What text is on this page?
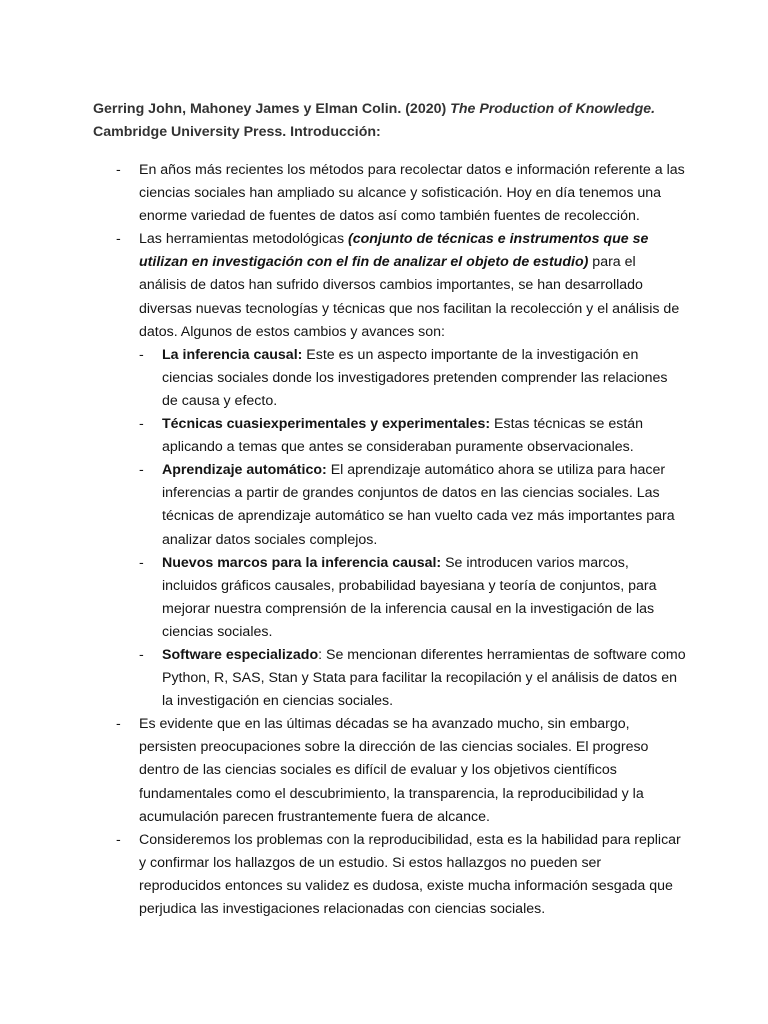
Gerring John, Mahoney James y Elman Colin. (2020) The Production of Knowledge. Cambridge University Press. Introducción:
- En años más recientes los métodos para recolectar datos e información referente a las ciencias sociales han ampliado su alcance y sofisticación. Hoy en día tenemos una enorme variedad de fuentes de datos así como también fuentes de recolección.
- Las herramientas metodológicas (conjunto de técnicas e instrumentos que se utilizan en investigación con el fin de analizar el objeto de estudio) para el análisis de datos han sufrido diversos cambios importantes, se han desarrollado diversas nuevas tecnologías y técnicas que nos facilitan la recolección y el análisis de datos. Algunos de estos cambios y avances son:
- La inferencia causal: Este es un aspecto importante de la investigación en ciencias sociales donde los investigadores pretenden comprender las relaciones de causa y efecto.
- Técnicas cuasiexperimentales y experimentales: Estas técnicas se están aplicando a temas que antes se consideraban puramente observacionales.
- Aprendizaje automático: El aprendizaje automático ahora se utiliza para hacer inferencias a partir de grandes conjuntos de datos en las ciencias sociales. Las técnicas de aprendizaje automático se han vuelto cada vez más importantes para analizar datos sociales complejos.
- Nuevos marcos para la inferencia causal: Se introducen varios marcos, incluidos gráficos causales, probabilidad bayesiana y teoría de conjuntos, para mejorar nuestra comprensión de la inferencia causal en la investigación de las ciencias sociales.
- Software especializado: Se mencionan diferentes herramientas de software como Python, R, SAS, Stan y Stata para facilitar la recopilación y el análisis de datos en la investigación en ciencias sociales.
- Es evidente que en las últimas décadas se ha avanzado mucho, sin embargo, persisten preocupaciones sobre la dirección de las ciencias sociales. El progreso dentro de las ciencias sociales es difícil de evaluar y los objetivos científicos fundamentales como el descubrimiento, la transparencia, la reproducibilidad y la acumulación parecen frustrantemente fuera de alcance.
- Consideremos los problemas con la reproducibilidad, esta es la habilidad para replicar y confirmar los hallazgos de un estudio. Si estos hallazgos no pueden ser reproducidos entonces su validez es dudosa, existe mucha información sesgada que perjudica las investigaciones relacionadas con ciencias sociales.
